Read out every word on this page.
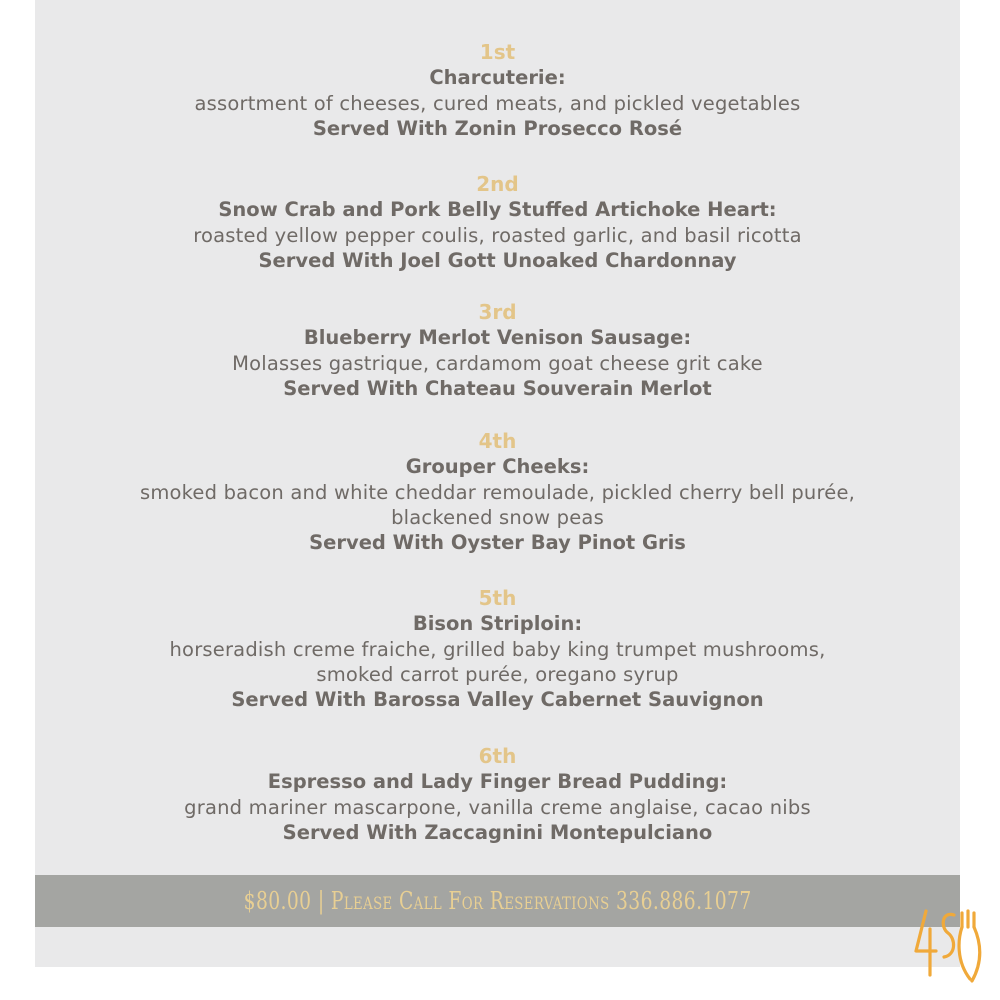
1st
Charcuterie:
assortment of cheeses, cured meats, and pickled vegetables
Served With Zonin Prosecco Rosé
2nd
Snow Crab and Pork Belly Stuffed Artichoke Heart:
roasted yellow pepper coulis, roasted garlic, and basil ricotta
Served With Joel Gott Unoaked Chardonnay
3rd
Blueberry Merlot Venison Sausage:
Molasses gastrique, cardamom goat cheese grit cake
Served With Chateau Souverain Merlot
4th
Grouper Cheeks:
smoked bacon and white cheddar remoulade, pickled cherry bell purée,
blackened snow peas
Served With Oyster Bay Pinot Gris
5th
Bison Striploin:
horseradish creme fraiche, grilled baby king trumpet mushrooms,
smoked carrot purée, oregano syrup
Served With Barossa Valley Cabernet Sauvignon
6th
Espresso and Lady Finger Bread Pudding:
grand mariner mascarpone, vanilla creme anglaise, cacao nibs
Served With Zaccagnini Montepulciano
$80.00 | Please Call For Reservations 336.886.1077
